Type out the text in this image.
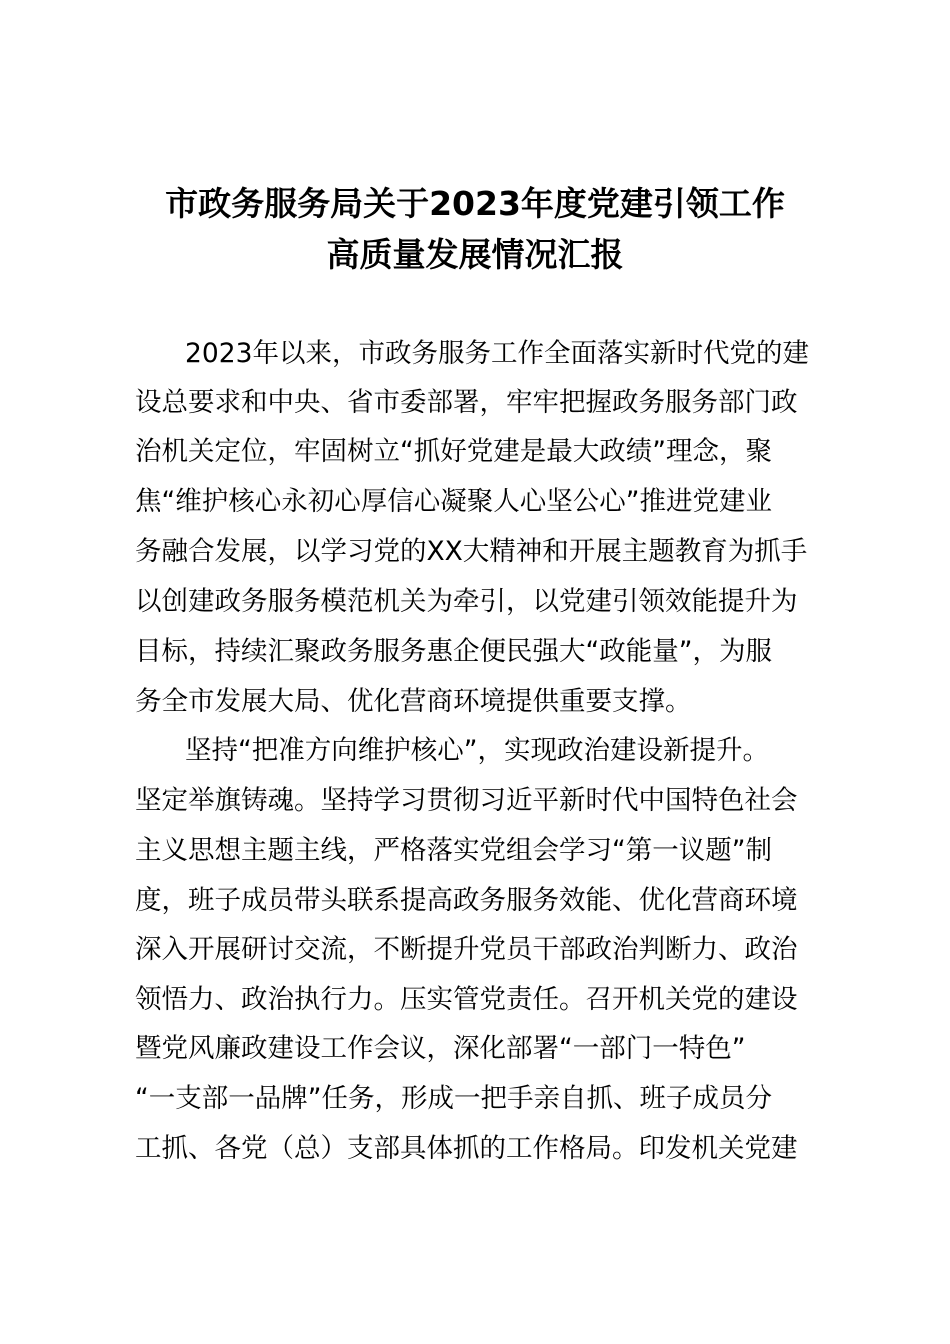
市政务服务局关于2023年度党建引领工作
高质量发展情况汇报
2023年以来，市政务服务工作全面落实新时代党的建
设总要求和中央、省市委部署，牢牢把握政务服务部门政
治机关定位，牢固树立“抓好党建是最大政绩”理念，聚
焦“维护核心永初心厚信心凝聚人心坚公心”推进党建业
务融合发展，以学习党的XX大精神和开展主题教育为抓手
以创建政务服务模范机关为牵引，以党建引领效能提升为
目标，持续汇聚政务服务惠企便民强大“政能量”，为服
务全市发展大局、优化营商环境提供重要支撑。
坚持“把准方向维护核心”，实现政治建设新提升。
坚定举旗铸魂。坚持学习贯彻习近平新时代中国特色社会
主义思想主题主线，严格落实党组会学习“第一议题”制
度，班子成员带头联系提高政务服务效能、优化营商环境
深入开展研讨交流，不断提升党员干部政治判断力、政治
领悟力、政治执行力。压实管党责任。召开机关党的建设
暨党风廉政建设工作会议，深化部署“一部门一特色”
“一支部一品牌”任务，形成一把手亲自抓、班子成员分
工抓、各党（总）支部具体抓的工作格局。印发机关党建
